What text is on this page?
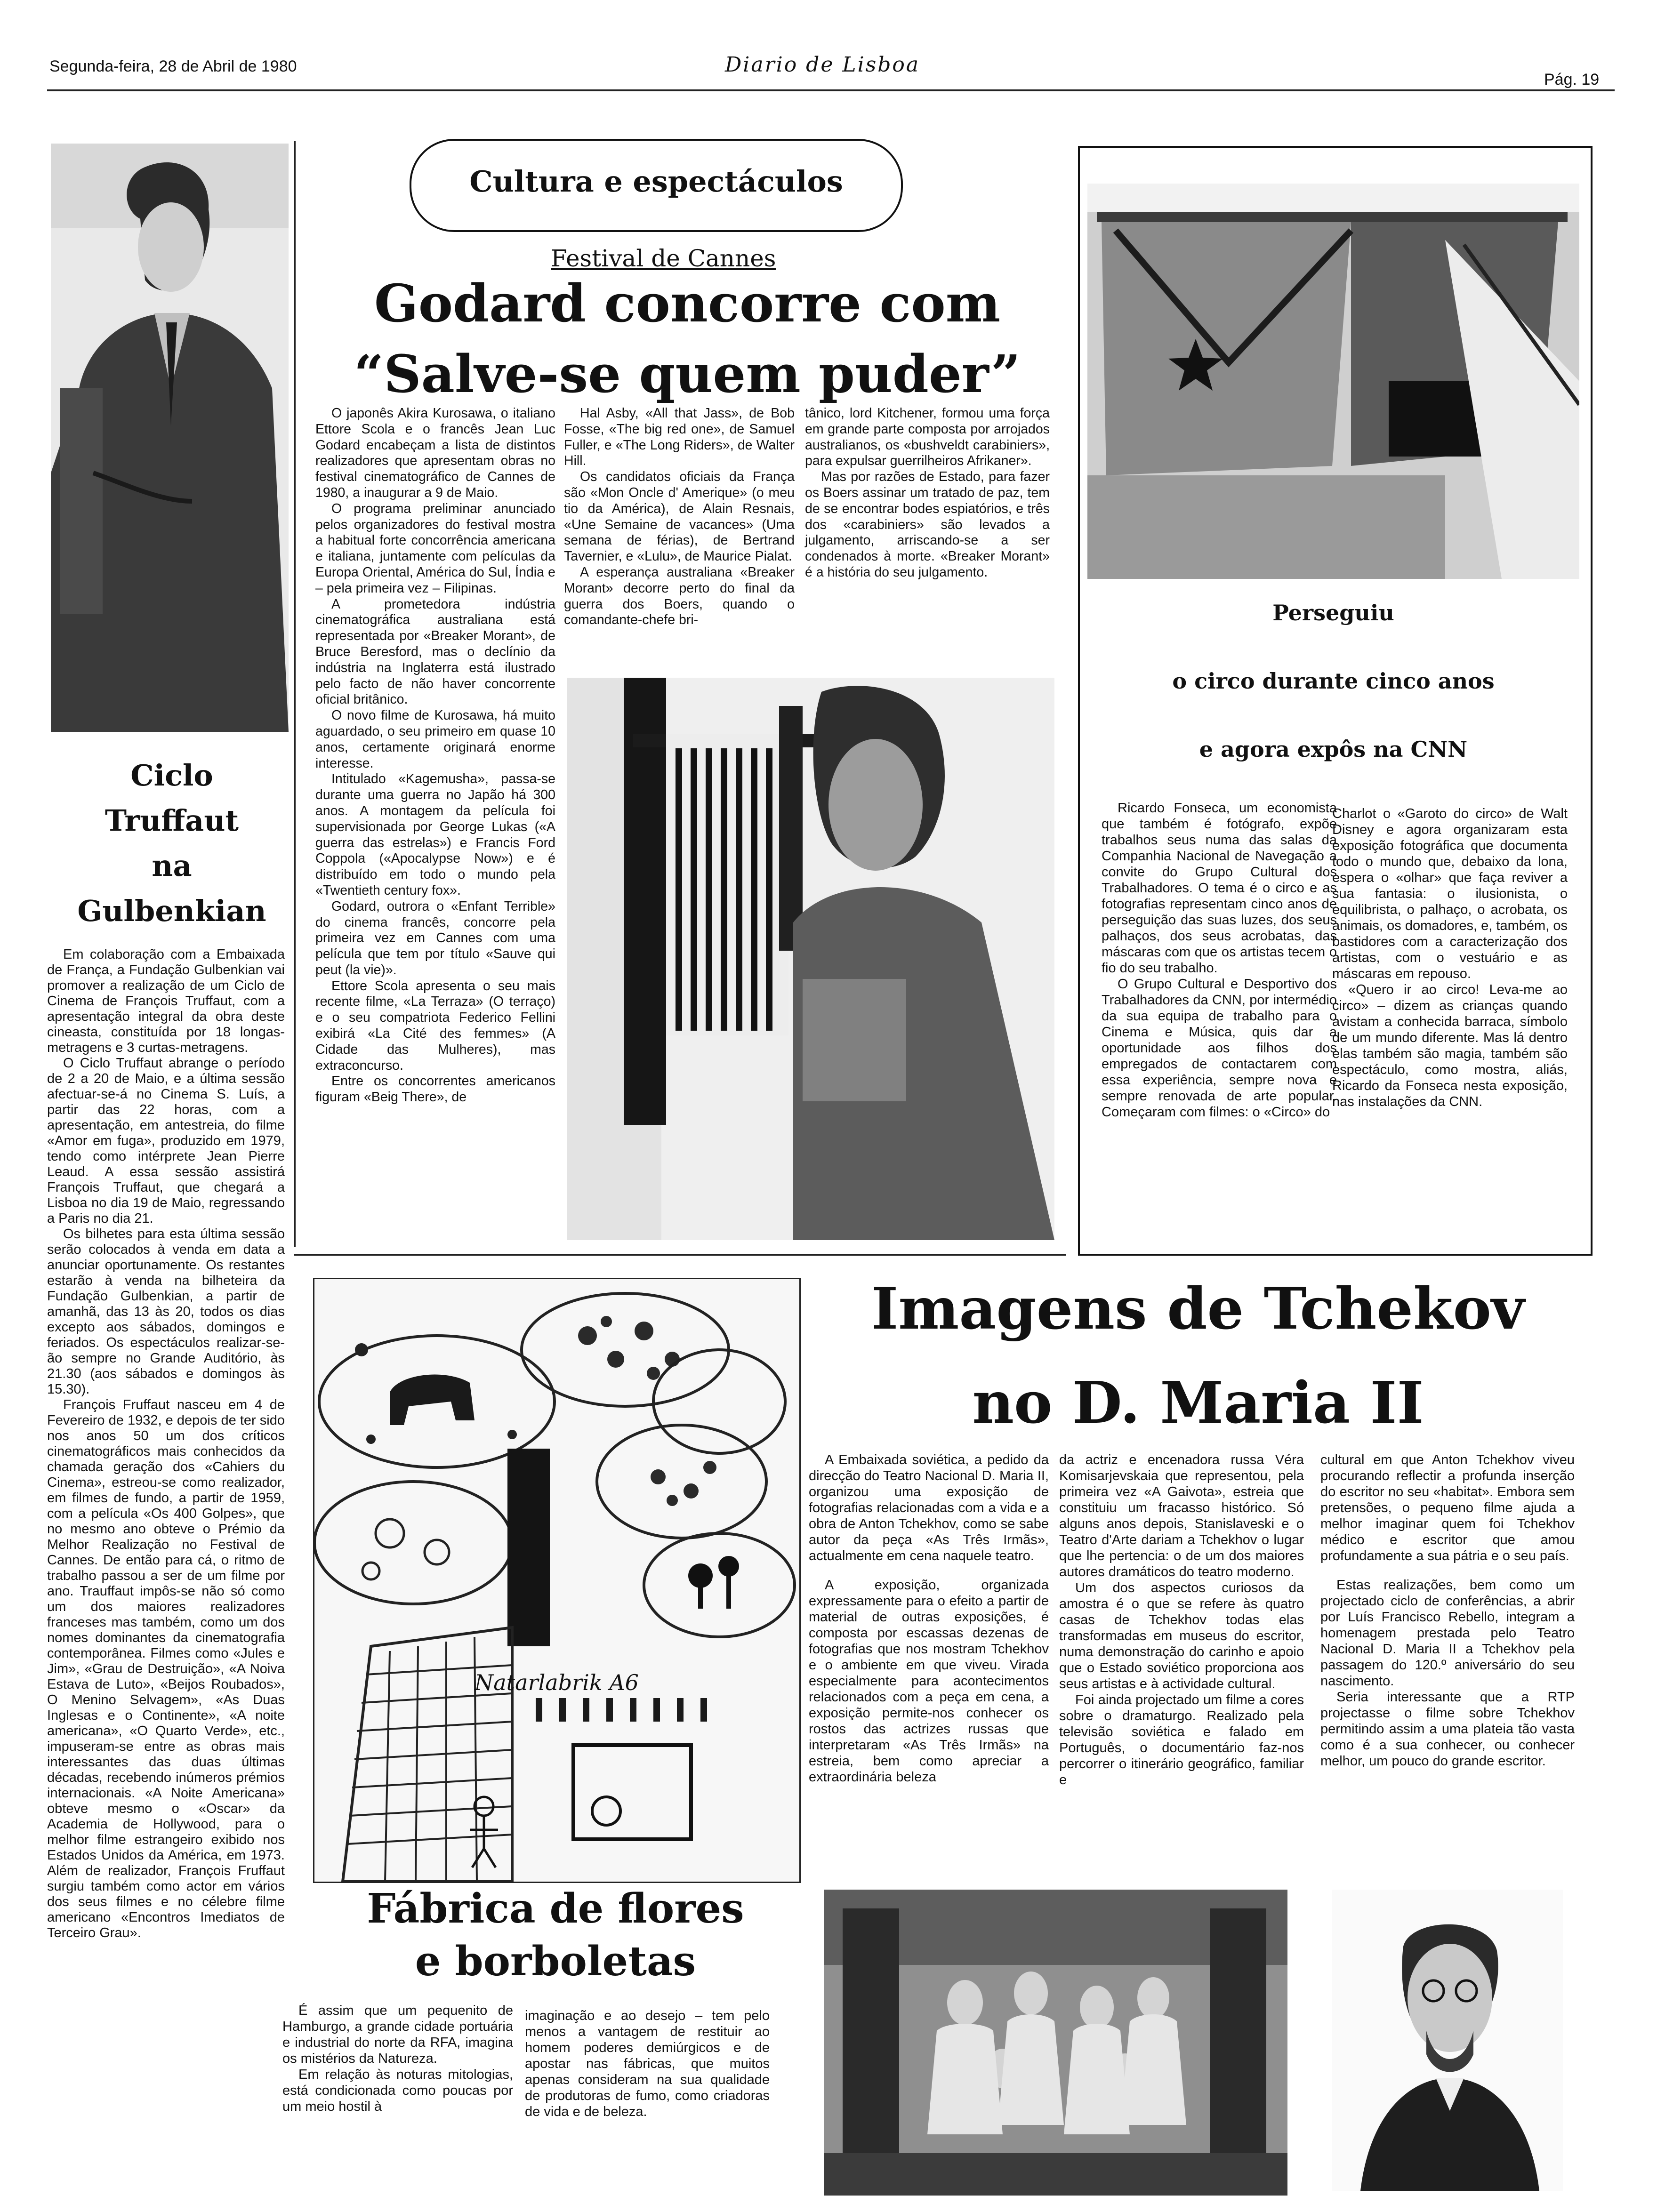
Segunda-feira, 28 de Abril de 1980	Diario de Lisboa
Pág. 19
Ciclo
Truffaut
na
Gulbenkian

Em colaboração com a Embaixada de França, a Fundação Gulbenkian vai promover a realização de um Ciclo de Cinema de François Truffaut, com a apresentação integral da obra deste cineasta, constituída por 18 longas-metragens e 3 curtas-metragens.

O Ciclo Truffaut abrange o período de 2 a 20 de Maio, e a última sessão afectuar-se-á no Cinema S. Luís, a partir das 22 horas, com a apresentação, em antestreia, do filme «Amor em fuga», produzido em 1979, tendo como intérprete Jean Pierre Leaud. A essa sessão assistirá François Truffaut, que chegará a Lisboa no dia 19 de Maio, regressando a Paris no dia 21.

Os bilhetes para esta última sessão serão colocados à venda em data a anunciar oportunamente. Os restantes estarão à venda na bilheteira da Fundação Gulbenkian, a partir de amanhã, das 13 às 20, todos os dias excepto aos sábados, domingos e feriados. Os espectáculos realizar-se-ão sempre no Grande Auditório, às 21.30 (aos sábados e domingos às 15.30).

François Fruffaut nasceu em 4 de Fevereiro de 1932, e depois de ter sido nos anos 50 um dos críticos cinematográficos mais conhecidos da chamada geração dos «Cahiers du Cinema», estreou-se como realizador, em filmes de fundo, a partir de 1959, com a película «Os 400 Golpes», que no mesmo ano obteve o Prémio da Melhor Realização no Festival de Cannes. De então para cá, o ritmo de trabalho passou a ser de um filme por ano. Trauffaut impôs-se não só como um dos maiores realizadores franceses mas também, como um dos nomes dominantes da cinematografia contemporânea. Filmes como «Jules e Jim», «Grau de Destruição», «A Noiva Estava de Luto», «Beijos Roubados», O Menino Selvagem», «As Duas Inglesas e o Continente», «A noite americana», «O Quarto Verde», etc., impuseram-se entre as obras mais interessantes das duas últimas décadas, recebendo inúmeros prémios internacionais. «A Noite Americana» obteve mesmo o «Oscar» da Academia de Hollywood, para o melhor filme estrangeiro exibido nos Estados Unidos da América, em 1973. Além de realizador, François Fruffaut surgiu também como actor em vários dos seus filmes e no célebre filme americano «Encontros Imediatos de Terceiro Grau».

Cultura e espectáculos
Festival de Cannes
Godard concorre com
“Salve-se quem puder”

O japonês Akira Kurosawa, o italiano Ettore Scola e o francês Jean Luc Godard encabeçam a lista de distintos realizadores que apresentam obras no festival cinematográfico de Cannes de 1980, a inaugurar a 9 de Maio.

O programa preliminar anunciado pelos organizadores do festival mostra a habitual forte concorrência americana e italiana, juntamente com películas da Europa Oriental, América do Sul, Índia e – pela primeira vez – Filipinas.

A prometedora indústria cinematográfica australiana está representada por «Breaker Morant», de Bruce Beresford, mas o declínio da indústria na Inglaterra está ilustrado pelo facto de não haver concorrente oficial britânico.

O novo filme de Kurosawa, há muito aguardado, o seu primeiro em quase 10 anos, certamente originará enorme interesse.

Intitulado «Kagemusha», passa-se durante uma guerra no Japão há 300 anos. A montagem da película foi supervisionada por George Lukas («A guerra das estrelas») e Francis Ford Coppola («Apocalypse Now») e é distribuído em todo o mundo pela «Twentieth century fox».

Godard, outrora o «Enfant Terrible» do cinema francês, concorre pela primeira vez em Cannes com uma película que tem por título «Sauve qui peut (la vie)».

Ettore Scola apresenta o seu mais recente filme, «La Terraza» (O terraço) e o seu compatriota Federico Fellini exibirá «La Cité des femmes» (A Cidade das Mulheres), mas extraconcurso.

Entre os concorrentes americanos figuram «Beig There», de

Hal Asby, «All that Jass», de Bob Fosse, «The big red one», de Samuel Fuller, e «The Long Riders», de Walter Hill.

Os candidatos oficiais da França são «Mon Oncle d' Amerique» (o meu tio da América), de Alain Resnais, «Une Semaine de vacances» (Uma semana de férias), de Bertrand Tavernier, e «Lulu», de Maurice Pialat.

A esperança australiana «Breaker Morant» decorre perto do final da guerra dos Boers, quando o comandante-chefe bri-

tânico, lord Kitchener, formou uma força em grande parte composta por arrojados australianos, os «bushveldt carabiniers», para expulsar guerrilheiros Afrikaner».

Mas por razões de Estado, para fazer os Boers assinar um tratado de paz, tem de se encontrar bodes espiatórios, e três dos «carabiniers» são levados a julgamento, arriscando-se a ser condenados à morte. «Breaker Morant» é a história do seu julgamento.

Perseguiu
o circo durante cinco anos
e agora expôs na CNN

Ricardo Fonseca, um economista que também é fotógrafo, expõe trabalhos seus numa das salas da Companhia Nacional de Navegação a convite do Grupo Cultural dos Trabalhadores. O tema é o circo e as fotografias representam cinco anos de perseguição das suas luzes, dos seus palhaços, dos seus acrobatas, das máscaras com que os artistas tecem o fio do seu trabalho.

O Grupo Cultural e Desportivo dos Trabalhadores da CNN, por intermédio da sua equipa de trabalho para o Cinema e Música, quis dar a oportunidade aos filhos dos empregados de contactarem com essa experiência, sempre nova e sempre renovada de arte popular. Começaram com filmes: o «Circo» do

Charlot o «Garoto do circo» de Walt Disney e agora organizaram esta exposição fotográfica que documenta todo o mundo que, debaixo da lona, espera o «olhar» que faça reviver a sua fantasia: o ilusionista, o equilibrista, o palhaço, o acrobata, os animais, os domadores, e, também, os bastidores com a caracterização dos artistas, com o vestuário e as máscaras em repouso.

«Quero ir ao circo! Leva-me ao circo» – dizem as crianças quando avistam a conhecida barraca, símbolo de um mundo diferente. Mas lá dentro elas também são magia, também são espectáculo, como mostra, aliás, Ricardo da Fonseca nesta exposição, nas instalações da CNN.

Natarlabrik A6
Fábrica de flores
e borboletas

É assim que um pequenito de Hamburgo, a grande cidade portuária e industrial do norte da RFA, imagina os mistérios da Natureza.

Em relação às noturas mitologias, está condicionada como poucas por um meio hostil à

imaginação e ao desejo – tem pelo menos a vantagem de restituir ao homem poderes demiúrgicos e de apostar nas fábricas, que muitos apenas consideram na sua qualidade de produtoras de fumo, como criadoras de vida e de beleza.

Imagens de Tchekov
no D. Maria II

A Embaixada soviética, a pedido da direcção do Teatro Nacional D. Maria II, organizou uma exposição de fotografias relacionadas com a vida e a obra de Anton Tchekhov, como se sabe autor da peça «As Três Irmãs», actualmente em cena naquele teatro.

A exposição, organizada expressamente para o efeito a partir de material de outras exposições, é composta por escassas dezenas de fotografias que nos mostram Tchekhov e o ambiente em que viveu. Virada especialmente para acontecimentos relacionados com a peça em cena, a exposição permite-nos conhecer os rostos das actrizes russas que interpretaram «As Três Irmãs» na estreia, bem como apreciar a extraordinária beleza

da actriz e encenadora russa Véra Komisarjevskaia que representou, pela primeira vez «A Gaivota», estreia que constituiu um fracasso histórico. Só alguns anos depois, Stanislaveski e o Teatro d'Arte dariam a Tchekhov o lugar que lhe pertencia: o de um dos maiores autores dramáticos do teatro moderno.

Um dos aspectos curiosos da amostra é o que se refere às quatro casas de Tchekhov todas elas transformadas em museus do escritor, numa demonstração do carinho e apoio que o Estado soviético proporciona aos seus artistas e à actividade cultural.

Foi ainda projectado um filme a cores sobre o dramaturgo. Realizado pela televisão soviética e falado em Português, o documentário faz-nos percorrer o itinerário geográfico, familiar e

cultural em que Anton Tchekhov viveu procurando reflectir a profunda inserção do escritor no seu «habitat». Embora sem pretensões, o pequeno filme ajuda a melhor imaginar quem foi Tchekhov médico e escritor que amou profundamente a sua pátria e o seu país.

Estas realizações, bem como um projectado ciclo de conferências, a abrir por Luís Francisco Rebello, integram a homenagem prestada pelo Teatro Nacional D. Maria II a Tchekhov pela passagem do 120.º aniversário do seu nascimento.

Seria interessante que a RTP projectasse o filme sobre Tchekhov permitindo assim a uma plateia tão vasta como é a sua conhecer, ou conhecer melhor, um pouco do grande escritor.
